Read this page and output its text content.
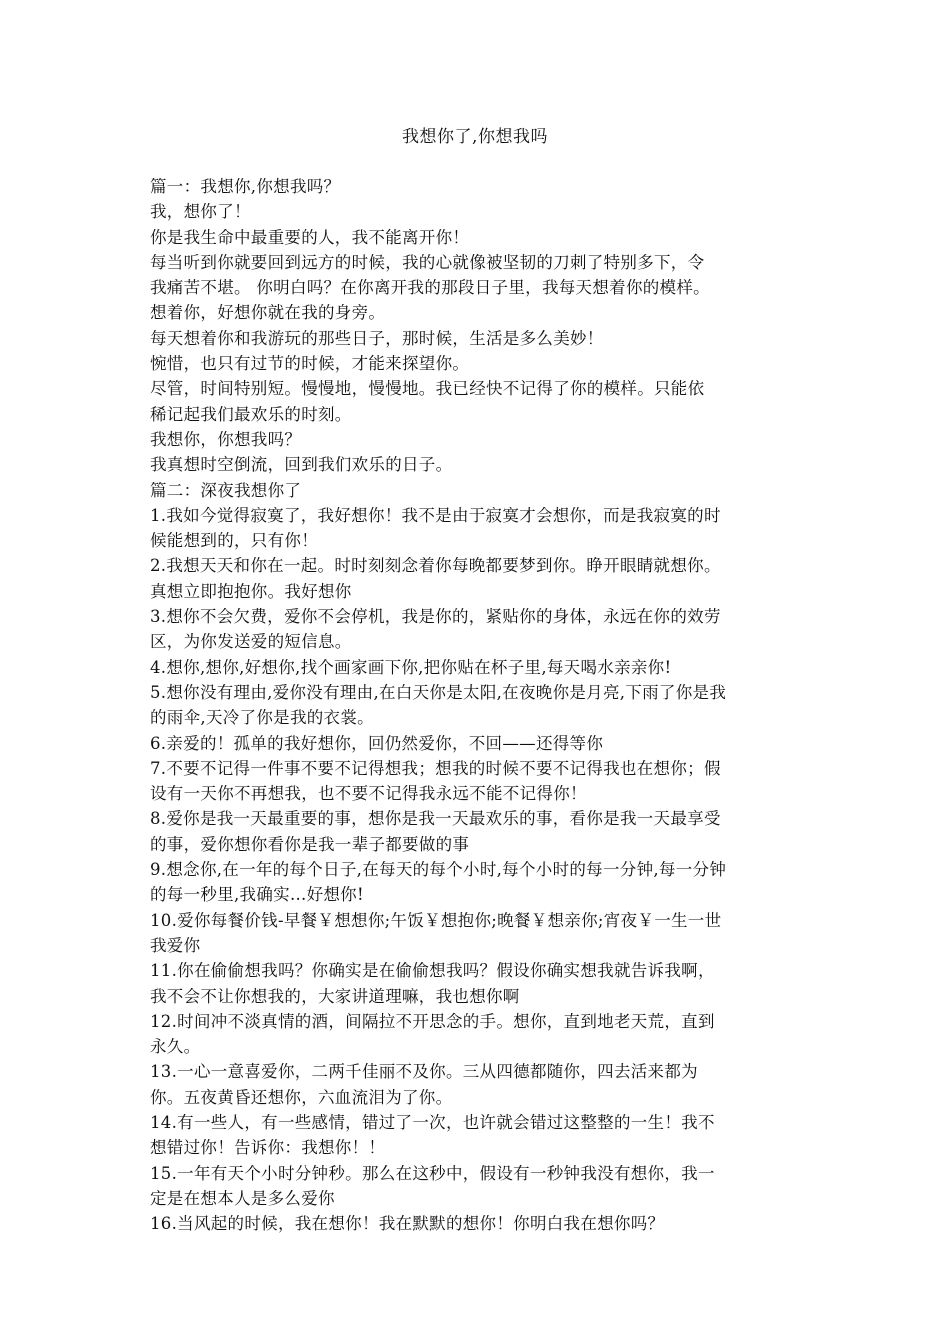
我想你了,你想我吗
篇一：我想你,你想我吗？
我，想你了！
你是我生命中最重要的人，我不能离开你！
每当听到你就要回到远方的时候，我的心就像被坚韧的刀刺了特别多下，令
我痛苦不堪。 你明白吗？在你离开我的那段日子里，我每天想着你的模样。
想着你，好想你就在我的身旁。
每天想着你和我游玩的那些日子，那时候，生活是多么美妙！
惋惜，也只有过节的时候，才能来探望你。
尽管，时间特别短。慢慢地，慢慢地。我已经快不记得了你的模样。只能依
稀记起我们最欢乐的时刻。
我想你，你想我吗？
我真想时空倒流，回到我们欢乐的日子。
篇二：深夜我想你了
1.我如今觉得寂寞了，我好想你！我不是由于寂寞才会想你，而是我寂寞的时
候能想到的，只有你！
2.我想天天和你在一起。时时刻刻念着你每晚都要梦到你。睁开眼睛就想你。
真想立即抱抱你。我好想你
3.想你不会欠费，爱你不会停机，我是你的，紧贴你的身体，永远在你的效劳
区，为你发送爱的短信息。
4.想你,想你,好想你,找个画家画下你,把你贴在杯子里,每天喝水亲亲你!
5.想你没有理由,爱你没有理由,在白天你是太阳,在夜晚你是月亮,下雨了你是我
的雨伞,天冷了你是我的衣裳。
6.亲爱的！孤单的我好想你，回仍然爱你，不回——还得等你
7.不要不记得一件事不要不记得想我；想我的时候不要不记得我也在想你；假
设有一天你不再想我，也不要不记得我永远不能不记得你！
8.爱你是我一天最重要的事，想你是我一天最欢乐的事，看你是我一天最享受
的事，爱你想你看你是我一辈子都要做的事
9.想念你,在一年的每个日子,在每天的每个小时,每个小时的每一分钟,每一分钟
的每一秒里,我确实...好想你!
10.爱你每餐价钱-早餐￥想想你;午饭￥想抱你;晚餐￥想亲你;宵夜￥一生一世
我爱你
11.你在偷偷想我吗？你确实是在偷偷想我吗？假设你确实想我就告诉我啊，
我不会不让你想我的，大家讲道理嘛，我也想你啊
12.时间冲不淡真情的酒，间隔拉不开思念的手。想你，直到地老天荒，直到
永久。
13.一心一意喜爱你，二两千佳丽不及你。三从四德都随你，四去活来都为
你。五夜黄昏还想你，六血流泪为了你。
14.有一些人，有一些感情，错过了一次，也许就会错过这整整的一生！我不
想错过你！告诉你：我想你！！
15.一年有天个小时分钟秒。那么在这秒中，假设有一秒钟我没有想你，我一
定是在想本人是多么爱你
16.当风起的时候，我在想你！我在默默的想你！你明白我在想你吗？
